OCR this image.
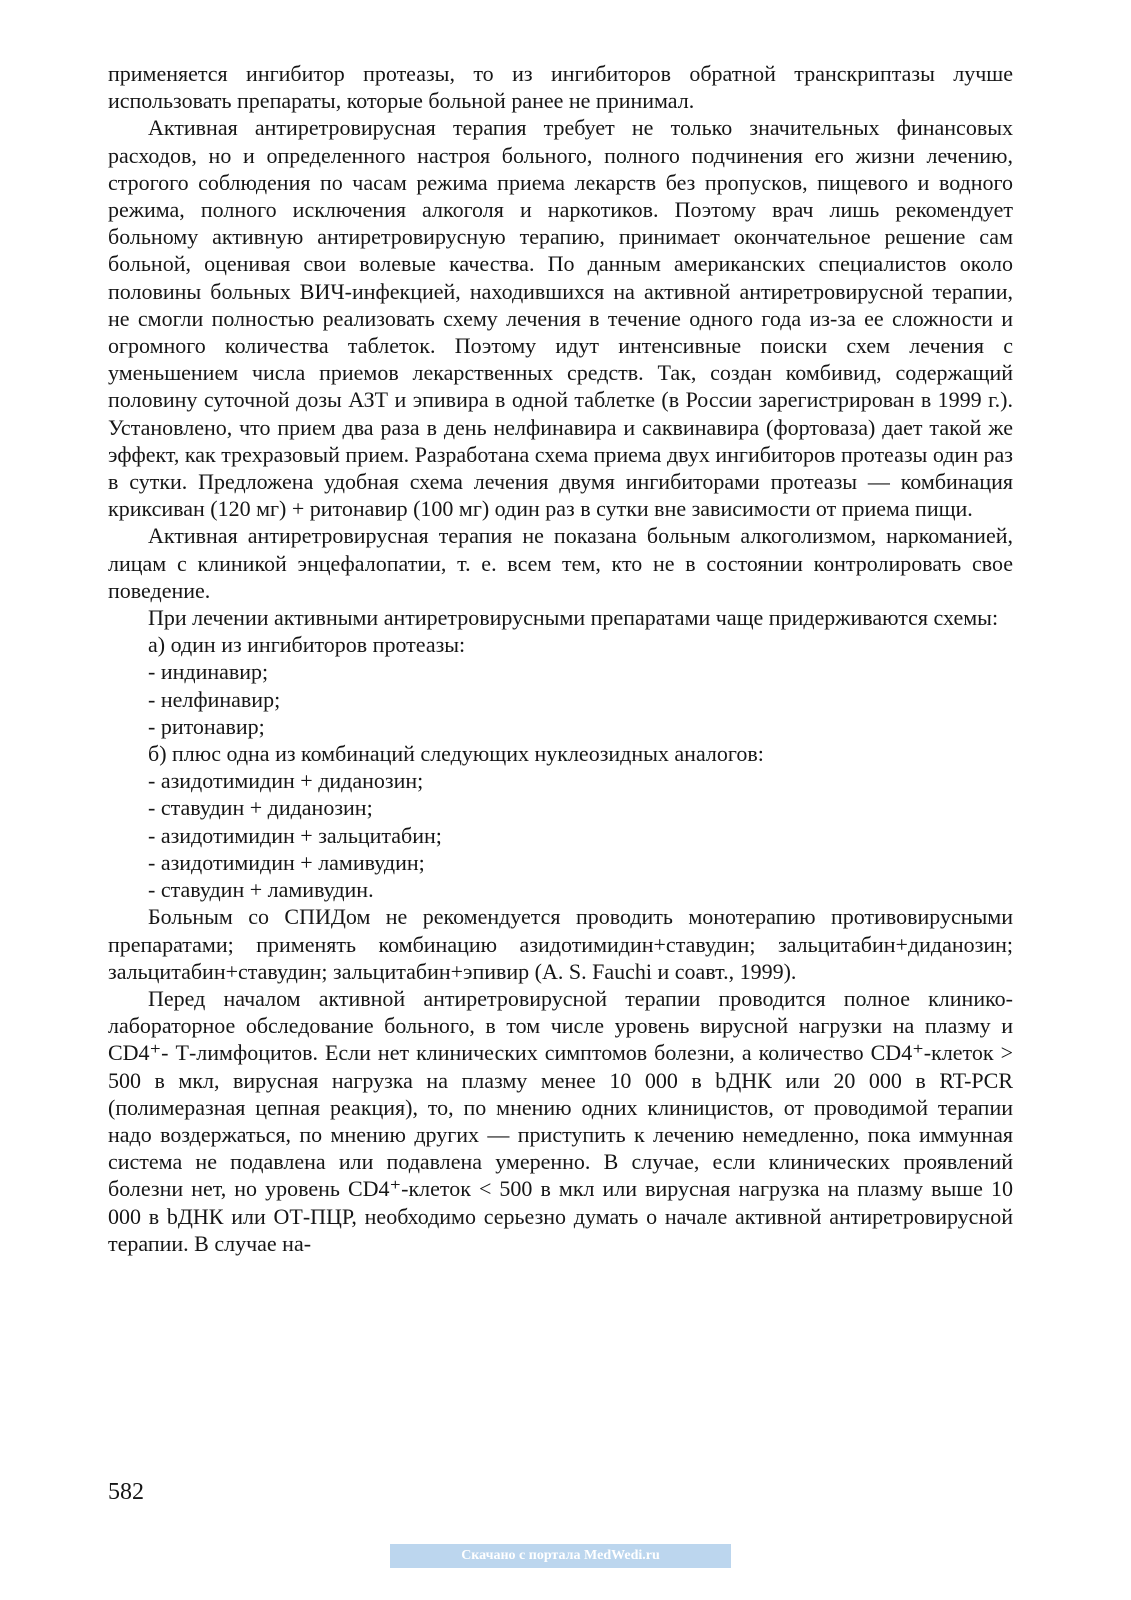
применяется ингибитор протеазы, то из ингибиторов обратной транскриптазы лучше использовать препараты, которые больной ранее не принимал.

Активная антиретровирусная терапия требует не только значительных финансовых расходов, но и определенного настроя больного, полного подчинения его жизни лечению, строгого соблюдения по часам режима приема лекарств без пропусков, пищевого и водного режима, полного исключения алкоголя и наркотиков. Поэтому врач лишь рекомендует больному активную антиретровирусную терапию, принимает окончательное решение сам больной, оценивая свои волевые качества. По данным американских специалистов около половины больных ВИЧ-инфекцией, находившихся на активной антиретровирусной терапии, не смогли полностью реализовать схему лечения в течение одного года из-за ее сложности и огромного количества таблеток. Поэтому идут интенсивные поиски схем лечения с уменьшением числа приемов лекарственных средств. Так, создан комбивид, содержащий половину суточной дозы АЗТ и эпивира в одной таблетке (в России зарегистрирован в 1999 г.). Установлено, что прием два раза в день нелфинавира и саквинавира (фортоваза) дает такой же эффект, как трехразовый прием. Разработана схема приема двух ингибиторов протеазы один раз в сутки. Предложена удобная схема лечения двумя ингибиторами протеазы — комбинация криксиван (120 мг) + ритонавир (100 мг) один раз в сутки вне зависимости от приема пищи.

Активная антиретровирусная терапия не показана больным алкоголизмом, наркоманией, лицам с клиникой энцефалопатии, т. е. всем тем, кто не в состоянии контролировать свое поведение.

При лечении активными антиретровирусными препаратами чаще придерживаются схемы:

а) один из ингибиторов протеазы:
- индинавир;
- нелфинавир;
- ритонавир;
б) плюс одна из комбинаций следующих нуклеозидных аналогов:
- азидотимидин + диданозин;
- ставудин + диданозин;
- азидотимидин + зальцитабин;
- азидотимидин + ламивудин;
- ставудин + ламивудин.

Больным со СПИДом не рекомендуется проводить монотерапию противовирусными препаратами; применять комбинацию азидотимидин+ставудин; зальцитабин+диданозин; зальцитабин+ставудин; зальцитабин+эпивир (A. S. Fauchi и соавт., 1999).

Перед началом активной антиретровирусной терапии проводится полное клинико-лабораторное обследование больного, в том числе уровень вирусной нагрузки на плазму и CD4⁺- Т-лимфоцитов. Если нет клинических симптомов болезни, а количество CD4⁺-клеток > 500 в мкл, вирусная нагрузка на плазму менее 10 000 в bДНК или 20 000 в RT-PCR (полимеразная цепная реакция), то, по мнению одних клиницистов, от проводимой терапии надо воздержаться, по мнению других — приступить к лечению немедленно, пока иммунная система не подавлена или подавлена умеренно. В случае, если клинических проявлений болезни нет, но уровень CD4⁺-клеток < 500 в мкл или вирусная нагрузка на плазму выше 10 000 в bДНК или ОТ-ПЦР, необходимо серьезно думать о начале активной антиретровирусной терапии. В случае на-

582
Скачано с портала MedWedi.ru
